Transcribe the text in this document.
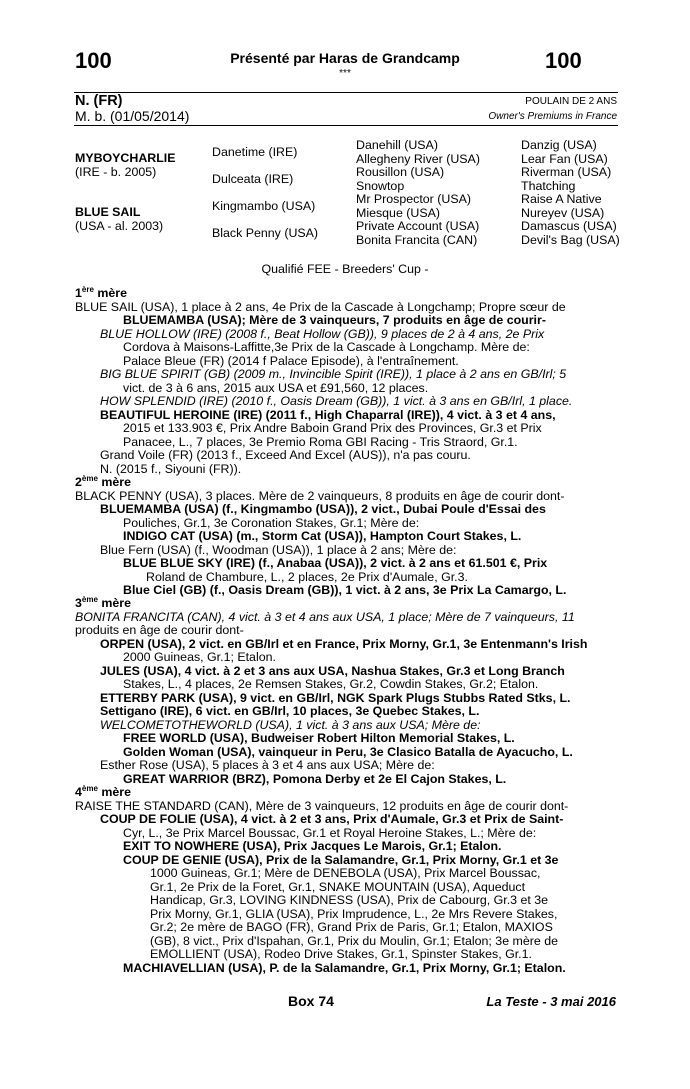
100	Présenté par Haras de Grandcamp
***
100
N. (FR)
M. b. (01/05/2014)
POULAIN DE 2 ANS
Owner's Premiums in France
MYBOYCHARLIE
(IRE - b. 2005)
BLUE SAIL
(USA - al. 2003)
Danetime (IRE)
Dulceata (IRE)
Kingmambo (USA)
Black Penny (USA)
Danehill (USA)
Allegheny River (USA)
Rousillon (USA)
Snowtop
Mr Prospector (USA)
Miesque (USA)
Private Account (USA)
Bonita Francita (CAN)
Danzig (USA)
Lear Fan (USA)
Riverman (USA)
Thatching
Raise A Native
Nureyev (USA)
Damascus (USA)
Devil's Bag (USA)
Qualifié FEE - Breeders' Cup -
1ère mère
2ème mère
3ème mère
4ème mère
BLUE SAIL (USA), 1 place à 2 ans, 4e Prix de la Cascade à Longchamp; Propre sœur de
BLUEMAMBA (USA); Mère de 3 vainqueurs, 7 produits en âge de courir-
BLUE HOLLOW (IRE) (2008 f., Beat Hollow (GB)), 9 places de 2 à 4 ans, 2e Prix
Cordova à Maisons-Laffitte,3e Prix de la Cascade à Longchamp. Mère de:
Palace Bleue (FR) (2014 f Palace Episode), à l'entraînement.
BIG BLUE SPIRIT (GB) (2009 m., Invincible Spirit (IRE)), 1 place à 2 ans en GB/Irl; 5
vict. de 3 à 6 ans, 2015 aux USA et £91,560, 12 places.
HOW SPLENDID (IRE) (2010 f., Oasis Dream (GB)), 1 vict. à 3 ans en GB/Irl, 1 place.
BEAUTIFUL HEROINE (IRE) (2011 f., High Chaparral (IRE)), 4 vict. à 3 et 4 ans,
2015 et 133.903 €, Prix Andre Baboin Grand Prix des Provinces, Gr.3 et Prix
Panacee, L., 7 places, 3e Premio Roma GBI Racing - Tris Straord, Gr.1.
Grand Voile (FR) (2013 f., Exceed And Excel (AUS)), n'a pas couru.
N. (2015 f., Siyouni (FR)).
BLACK PENNY (USA), 3 places. Mère de 2 vainqueurs, 8 produits en âge de courir dont-
BLUEMAMBA (USA) (f., Kingmambo (USA)), 2 vict., Dubai Poule d'Essai des
Pouliches, Gr.1, 3e Coronation Stakes, Gr.1; Mère de:
INDIGO CAT (USA) (m., Storm Cat (USA)), Hampton Court Stakes, L.
Blue Fern (USA) (f., Woodman (USA)), 1 place à 2 ans; Mère de:
BLUE BLUE SKY (IRE) (f., Anabaa (USA)), 2 vict. à 2 ans et 61.501 €, Prix
Roland de Chambure, L., 2 places, 2e Prix d'Aumale, Gr.3.
Blue Ciel (GB) (f., Oasis Dream (GB)), 1 vict. à 2 ans, 3e Prix La Camargo, L.
BONITA FRANCITA (CAN), 4 vict. à 3 et 4 ans aux USA, 1 place; Mère de 7 vainqueurs, 11
produits en âge de courir dont-
ORPEN (USA), 2 vict. en GB/Irl et en France, Prix Morny, Gr.1, 3e Entenmann's Irish
2000 Guineas, Gr.1; Etalon.
JULES (USA), 4 vict. à 2 et 3 ans aux USA, Nashua Stakes, Gr.3 et Long Branch
Stakes, L., 4 places, 2e Remsen Stakes, Gr.2, Cowdin Stakes, Gr.2; Etalon.
ETTERBY PARK (USA), 9 vict. en GB/Irl, NGK Spark Plugs Stubbs Rated Stks, L.
Settigano (IRE), 6 vict. en GB/Irl, 10 places, 3e Quebec Stakes, L.
WELCOMETOTHEWORLD (USA), 1 vict. à 3 ans aux USA; Mère de:
FREE WORLD (USA), Budweiser Robert Hilton Memorial Stakes, L.
Golden Woman (USA), vainqueur in Peru, 3e Clasico Batalla de Ayacucho, L.
Esther Rose (USA), 5 places à 3 et 4 ans aux USA; Mère de:
GREAT WARRIOR (BRZ), Pomona Derby et 2e El Cajon Stakes, L.
RAISE THE STANDARD (CAN), Mère de 3 vainqueurs, 12 produits en âge de courir dont-
COUP DE FOLIE (USA), 4 vict. à 2 et 3 ans, Prix d'Aumale, Gr.3 et Prix de Saint-
Cyr, L., 3e Prix Marcel Boussac, Gr.1 et Royal Heroine Stakes, L.; Mère de:
EXIT TO NOWHERE (USA), Prix Jacques Le Marois, Gr.1; Etalon.
COUP DE GENIE (USA), Prix de la Salamandre, Gr.1, Prix Morny, Gr.1 et 3e
1000 Guineas, Gr.1; Mère de DENEBOLA (USA), Prix Marcel Boussac,
Gr.1, 2e Prix de la Foret, Gr.1, SNAKE MOUNTAIN (USA), Aqueduct
Handicap, Gr.3, LOVING KINDNESS (USA), Prix de Cabourg, Gr.3 et 3e
Prix Morny, Gr.1, GLIA (USA), Prix Imprudence, L., 2e Mrs Revere Stakes,
Gr.2; 2e mère de BAGO (FR), Grand Prix de Paris, Gr.1; Etalon, MAXIOS
(GB), 8 vict., Prix d'Ispahan, Gr.1, Prix du Moulin, Gr.1; Etalon; 3e mère de
EMOLLIENT (USA), Rodeo Drive Stakes, Gr.1, Spinster Stakes, Gr.1.
MACHIAVELLIAN (USA), P. de la Salamandre, Gr.1, Prix Morny, Gr.1; Etalon.
Box 74	La Teste - 3 mai 2016
